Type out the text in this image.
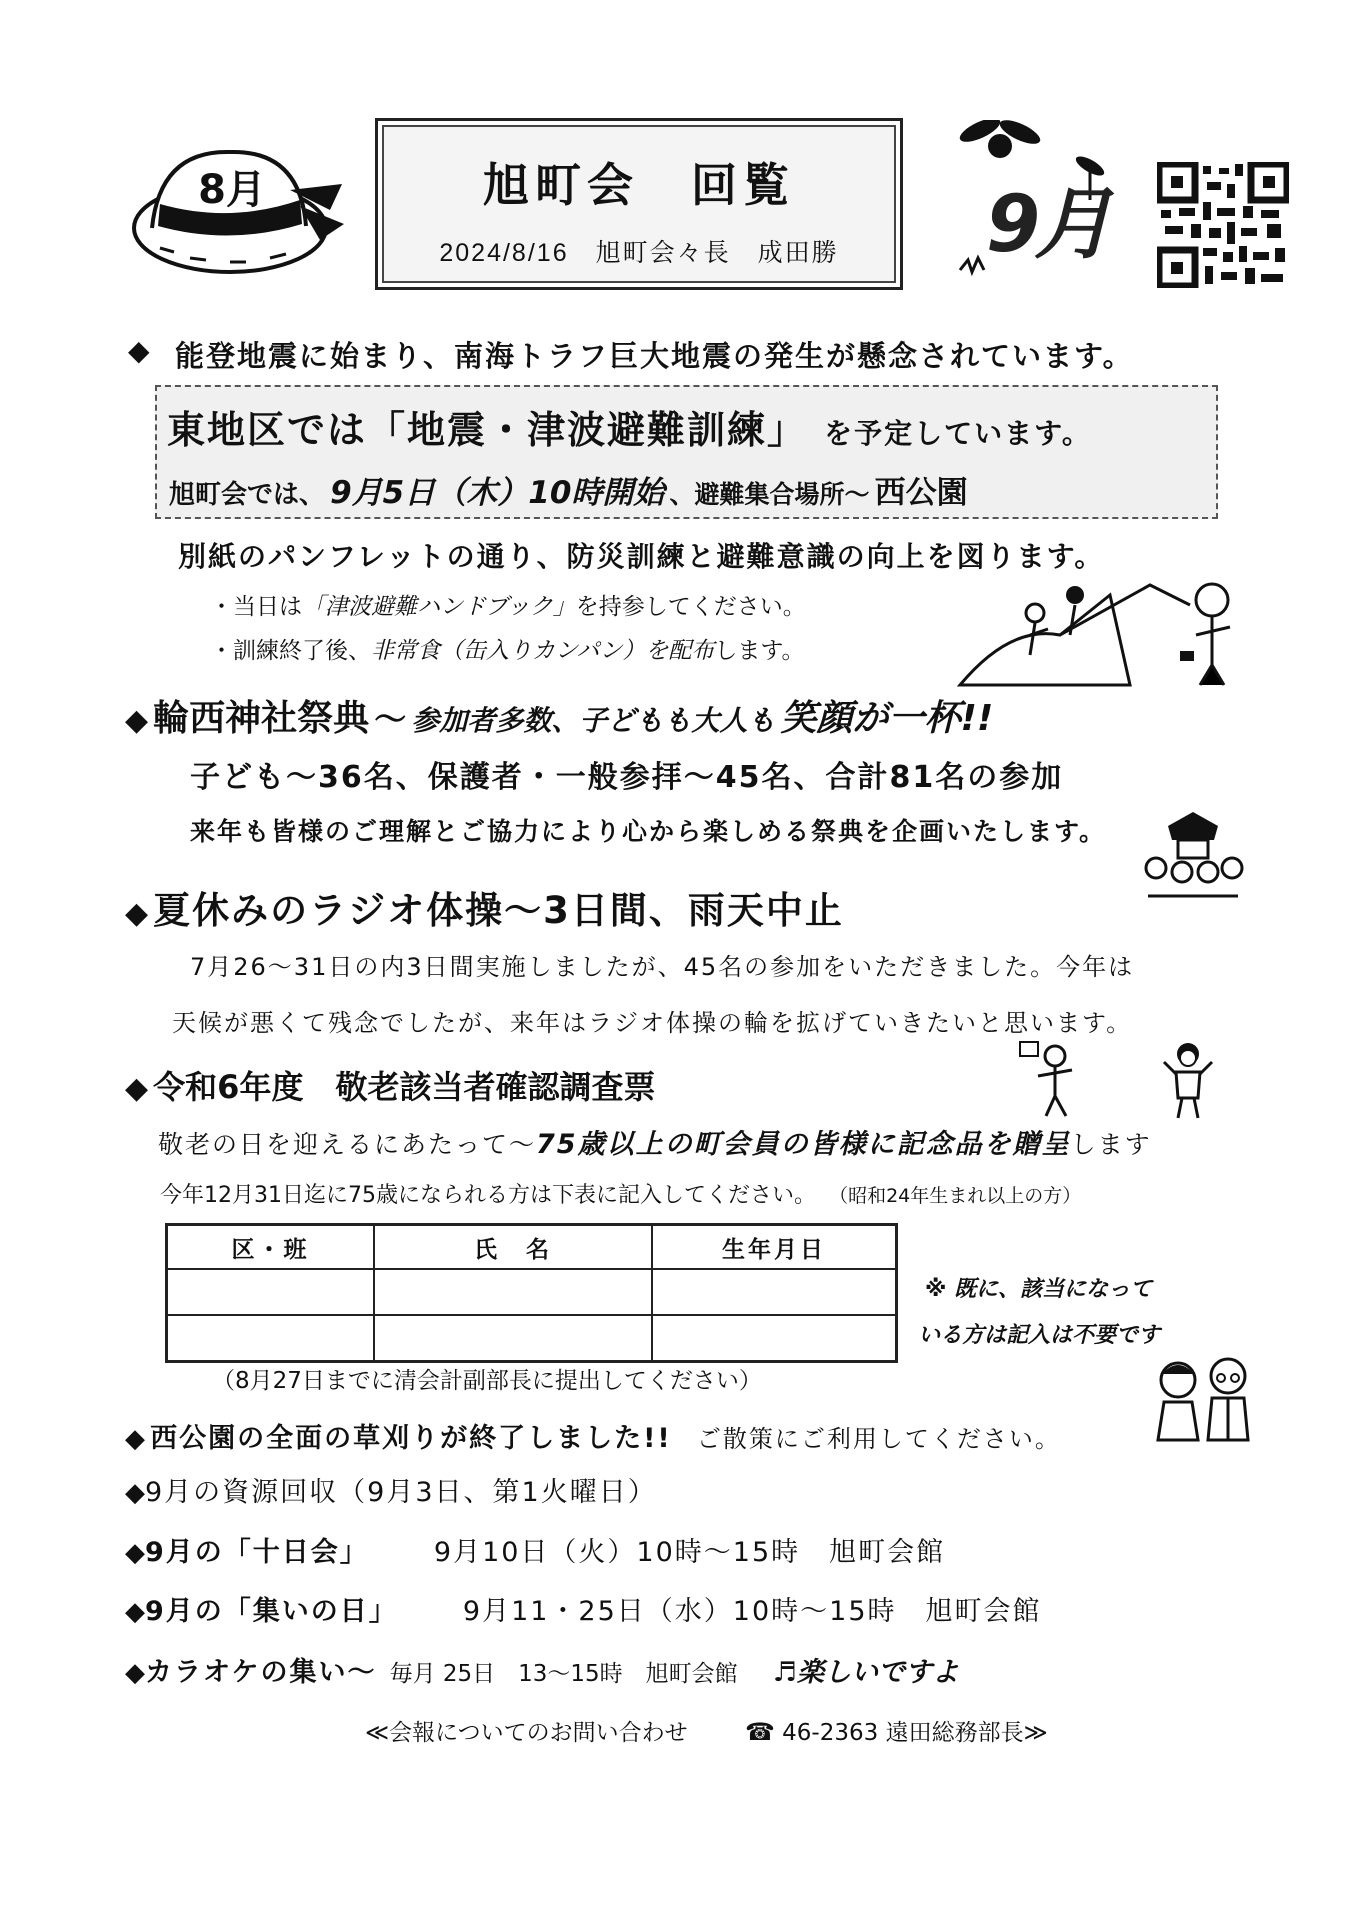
8月	旭町会　回覧
2024/8/16　旭町会々長　成田勝	9月
◆ 能登地震に始まり、南海トラフ巨大地震の発生が懸念されています。
東地区では「地震・津波避難訓練」 を予定しています。
旭町会では、 9月5日（木）10時開始 、避難集合場所～ 西公園
別紙のパンフレットの通り、防災訓練と避難意識の向上を図ります。
・当日は「津波避難ハンドブック」を持参してください。
・訓練終了後、非常食（缶入りカンパン）を配布します。
◆ 輪西神社祭典 ～ 参加者多数、子どもも大人も 笑顔が一杯!!
子ども～36名、保護者・一般参拝～45名、合計81名の参加
来年も皆様のご理解とご協力により心から楽しめる祭典を企画いたします。
◆ 夏休みのラジオ体操～3日間、雨天中止
7月26～31日の内3日間実施しましたが、45名の参加をいただきました。今年は
天候が悪くて残念でしたが、来年はラジオ体操の輪を拡げていきたいと思います。
◆ 令和6年度　敬老該当者確認調査票
敬老の日を迎えるにあたって～75歳以上の町会員の皆様に記念品を贈呈します
今年12月31日迄に75歳になられる方は下表に記入してください。 （昭和24年生まれ以上の方）
区・班	氏　名	生年月日

※ 既に、該当になって
いる方は記入は不要です
（8月27日までに清会計副部長に提出してください）
◆ 西公園の全面の草刈りが終了しました!! ご散策にご利用してください。
◆9月の資源回収（9月3日、第1火曜日）
◆9月の「十日会」 9月10日（火）10時～15時　旭町会館
◆9月の「集いの日」 9月11・25日（水）10時～15時　旭町会館
◆カラオケの集い～ 毎月 25日　13～15時　旭町会館 ♬楽しいですよ
≪会報についてのお問い合わせ ☎ 46-2363 遠田総務部長≫
